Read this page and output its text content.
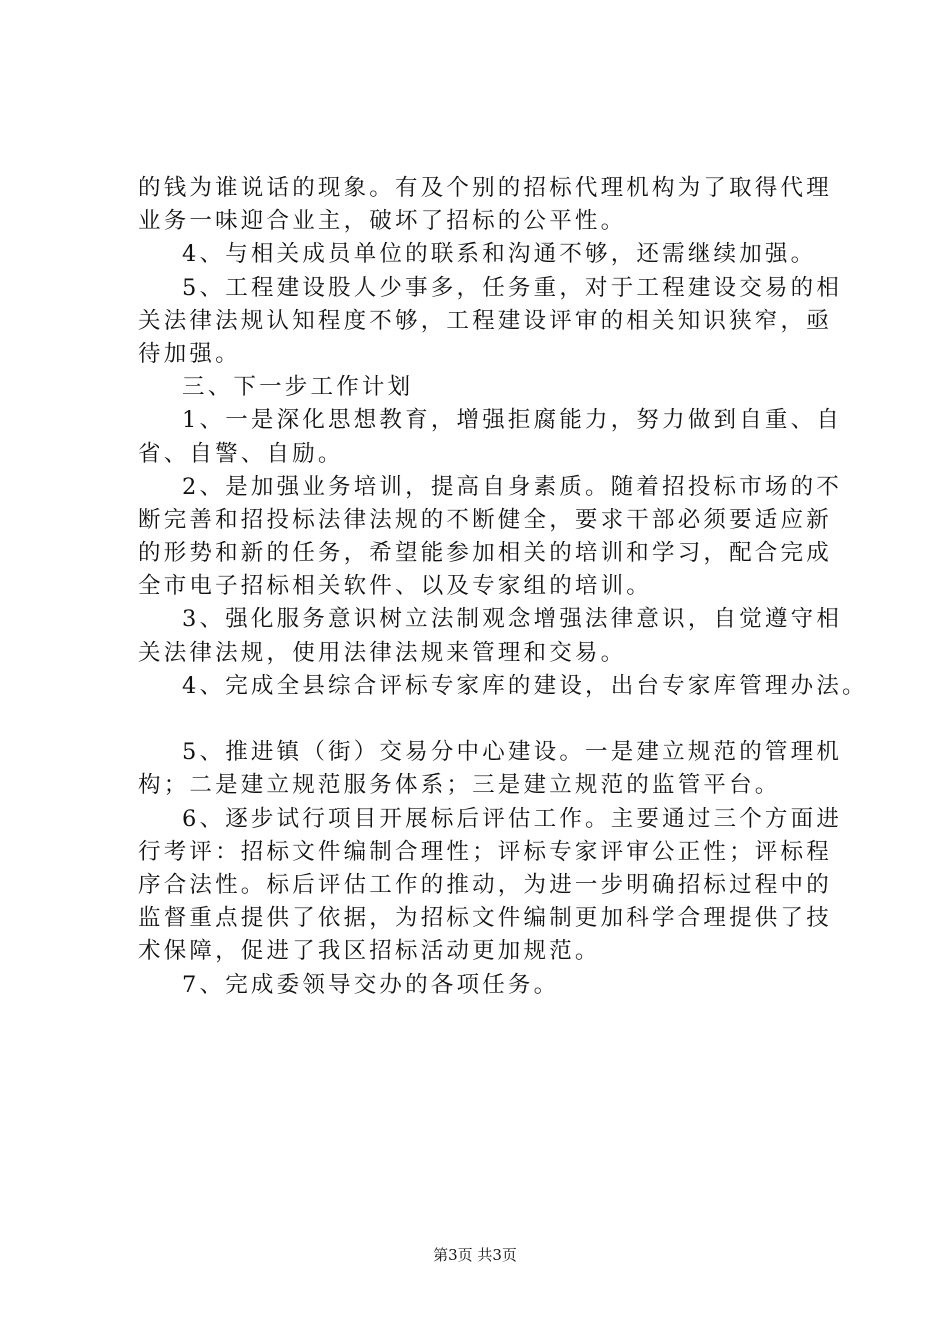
的钱为谁说话的现象。有及个别的招标代理机构为了取得代理
业务一味迎合业主，破坏了招标的公平性。
4、与相关成员单位的联系和沟通不够，还需继续加强。
5、工程建设股人少事多，任务重，对于工程建设交易的相
关法律法规认知程度不够，工程建设评审的相关知识狭窄，亟
待加强。
三、下一步工作计划
1、一是深化思想教育，增强拒腐能力，努力做到自重、自
省、自警、自励。
2、是加强业务培训，提高自身素质。随着招投标市场的不
断完善和招投标法律法规的不断健全，要求干部必须要适应新
的形势和新的任务，希望能参加相关的培训和学习，配合完成
全市电子招标相关软件、以及专家组的培训。
3、强化服务意识树立法制观念增强法律意识，自觉遵守相
关法律法规，使用法律法规来管理和交易。
4、完成全县综合评标专家库的建设，出台专家库管理办法。
5、推进镇（街）交易分中心建设。一是建立规范的管理机
构；二是建立规范服务体系；三是建立规范的监管平台。
6、逐步试行项目开展标后评估工作。主要通过三个方面进
行考评：招标文件编制合理性；评标专家评审公正性；评标程
序合法性。标后评估工作的推动，为进一步明确招标过程中的
监督重点提供了依据，为招标文件编制更加科学合理提供了技
术保障，促进了我区招标活动更加规范。
7、完成委领导交办的各项任务。
第3页 共3页
